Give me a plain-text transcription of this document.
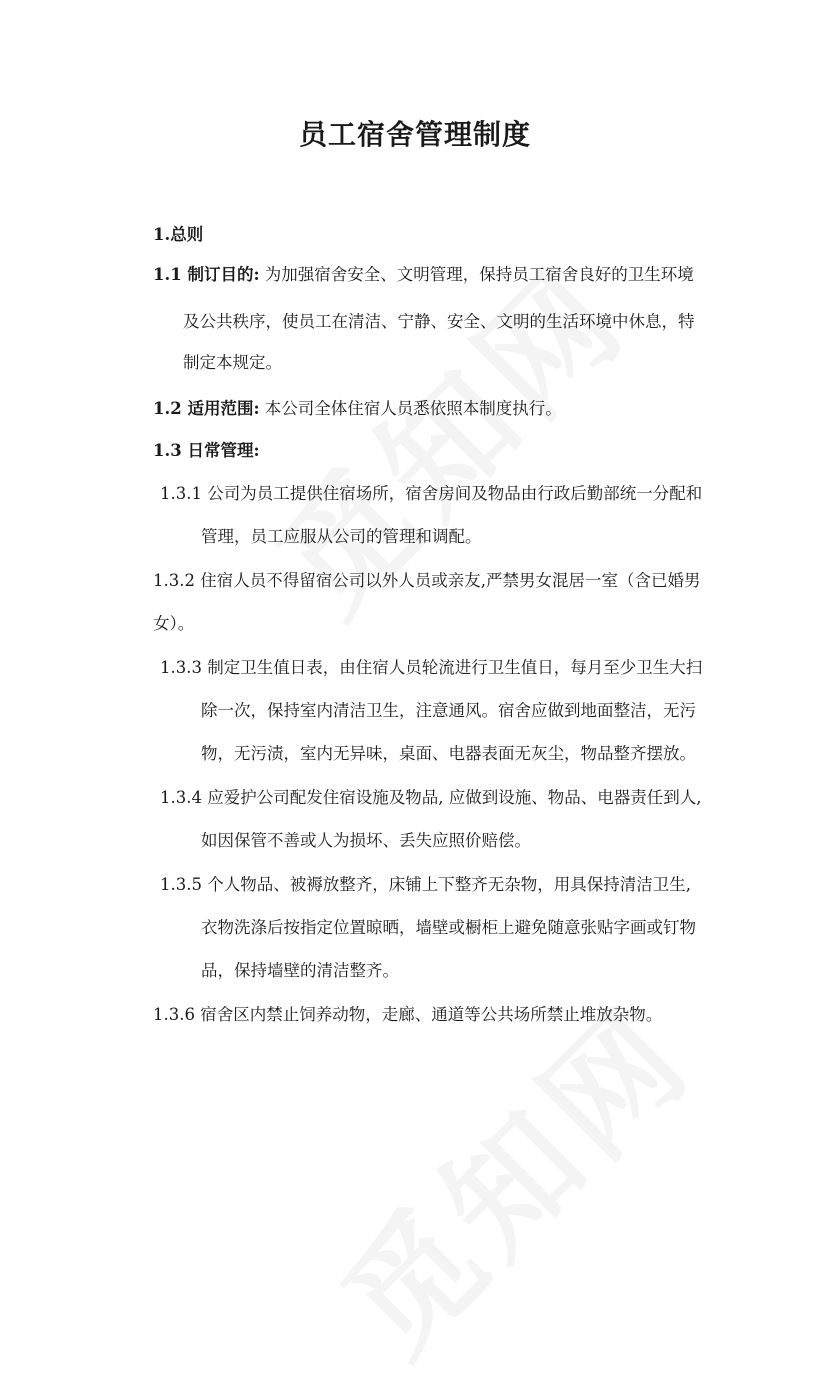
员工宿舍管理制度
1.总则
1.1 制订目的: 为加强宿舍安全、文明管理，保持员工宿舍良好的卫生环境
及公共秩序，使员工在清洁、宁静、安全、文明的生活环境中休息，特
制定本规定。
1.2 适用范围: 本公司全体住宿人员悉依照本制度执行。
1.3 日常管理:
1.3.1 公司为员工提供住宿场所，宿舍房间及物品由行政后勤部统一分配和
管理，员工应服从公司的管理和调配。
1.3.2 住宿人员不得留宿公司以外人员或亲友,严禁男女混居一室（含已婚男
女）。
1.3.3 制定卫生值日表，由住宿人员轮流进行卫生值日，每月至少卫生大扫
除一次，保持室内清洁卫生，注意通风。宿舍应做到地面整洁，无污
物，无污渍，室内无异味，桌面、电器表面无灰尘，物品整齐摆放。
1.3.4 应爱护公司配发住宿设施及物品, 应做到设施、物品、电器责任到人,
如因保管不善或人为损坏、丢失应照价赔偿。
1.3.5 个人物品、被褥放整齐，床铺上下整齐无杂物，用具保持清洁卫生,
衣物洗涤后按指定位置晾晒，墙壁或橱柜上避免随意张贴字画或钉物
品，保持墙壁的清洁整齐。
1.3.6 宿舍区内禁止饲养动物，走廊、通道等公共场所禁止堆放杂物。
